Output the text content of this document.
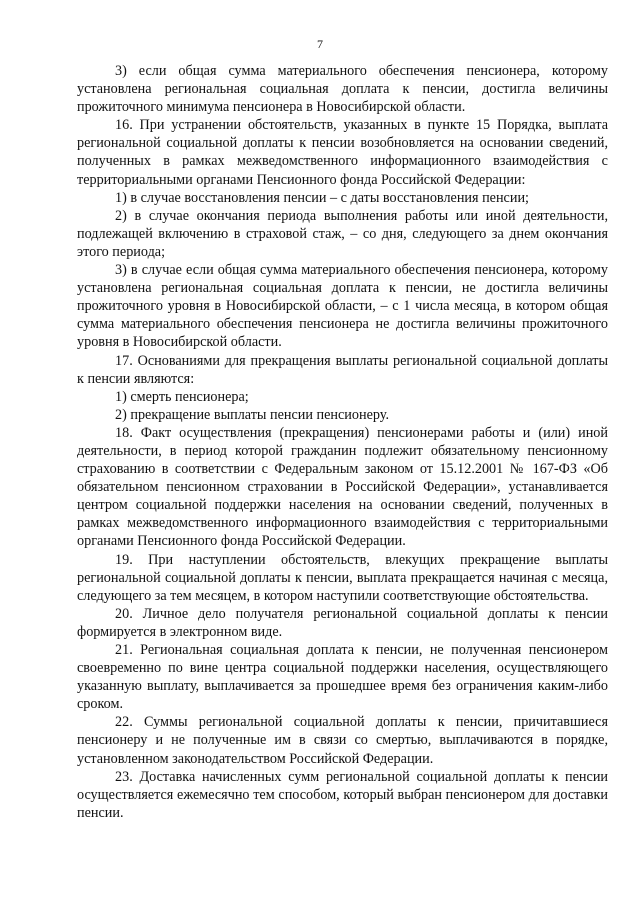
7

3) если общая сумма материального обеспечения пенсионера, которому установлена региональная социальная доплата к пенсии, достигла величины прожиточного минимума пенсионера в Новосибирской области.

16. При устранении обстоятельств, указанных в пункте 15 Порядка, выплата региональной социальной доплаты к пенсии возобновляется на основании сведений, полученных в рамках межведомственного информационного взаимодействия с территориальными органами Пенсионного фонда Российской Федерации:

1) в случае восстановления пенсии – с даты восстановления пенсии;

2) в случае окончания периода выполнения работы или иной деятельности, подлежащей включению в страховой стаж, – со дня, следующего за днем окончания этого периода;

3) в случае если общая сумма материального обеспечения пенсионера, которому установлена региональная социальная доплата к пенсии, не достигла величины прожиточного уровня в Новосибирской области, – с 1 числа месяца, в котором общая сумма материального обеспечения пенсионера не достигла величины прожиточного уровня в Новосибирской области.

17. Основаниями для прекращения выплаты региональной социальной доплаты к пенсии являются:

1) смерть пенсионера;

2) прекращение выплаты пенсии пенсионеру.

18. Факт осуществления (прекращения) пенсионерами работы и (или) иной деятельности, в период которой гражданин подлежит обязательному пенсионному страхованию в соответствии с Федеральным законом от 15.12.2001 № 167-ФЗ «Об обязательном пенсионном страховании в Российской Федерации», устанавливается центром социальной поддержки населения на основании сведений, полученных в рамках межведомственного информационного взаимодействия с территориальными органами Пенсионного фонда Российской Федерации.

19. При наступлении обстоятельств, влекущих прекращение выплаты региональной социальной доплаты к пенсии, выплата прекращается начиная с месяца, следующего за тем месяцем, в котором наступили соответствующие обстоятельства.

20. Личное дело получателя региональной социальной доплаты к пенсии формируется в электронном виде.

21. Региональная социальная доплата к пенсии, не полученная пенсионером своевременно по вине центра социальной поддержки населения, осуществляющего указанную выплату, выплачивается за прошедшее время без ограничения каким-либо сроком.

22. Суммы региональной социальной доплаты к пенсии, причитавшиеся пенсионеру и не полученные им в связи со смертью, выплачиваются в порядке, установленном законодательством Российской Федерации.

23. Доставка начисленных сумм региональной социальной доплаты к пенсии осуществляется ежемесячно тем способом, который выбран пенсионером для доставки пенсии.
